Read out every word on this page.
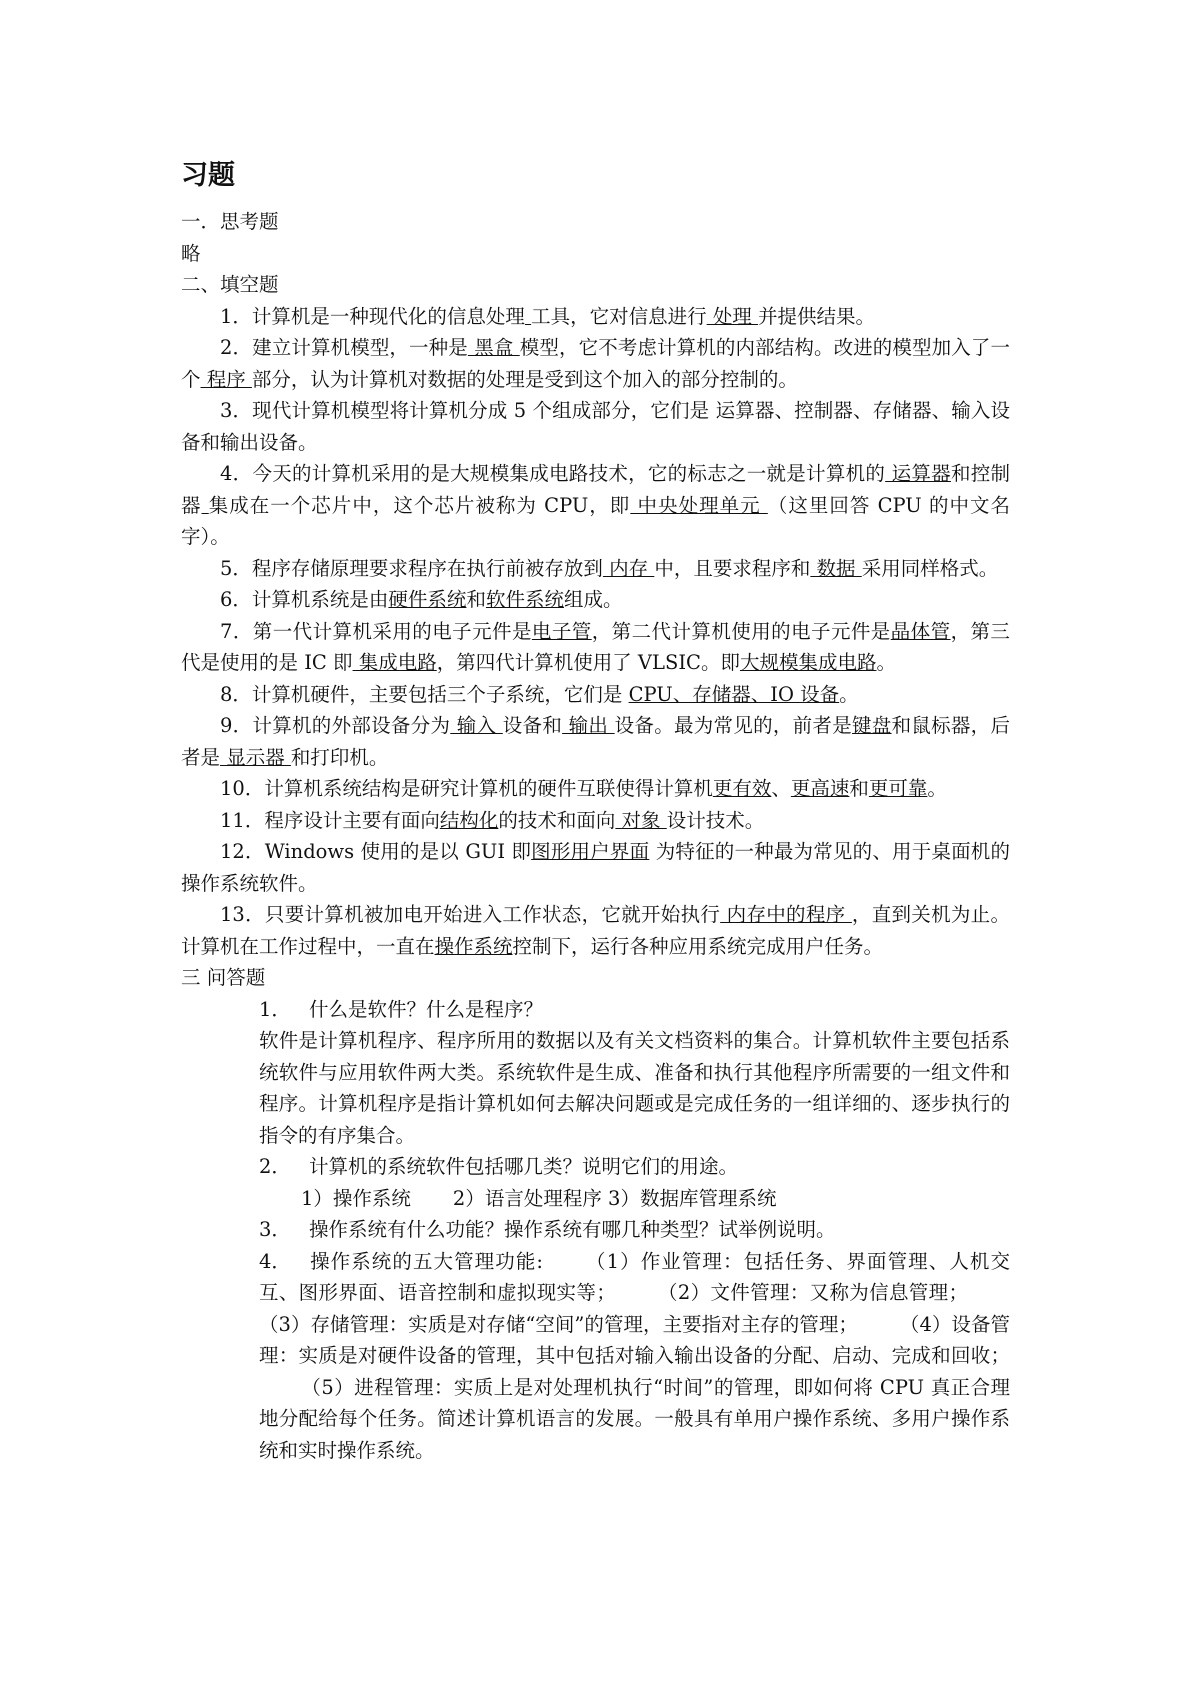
习题

一．思考题

略

二、填空题

1．计算机是一种现代化的信息处理 工具，它对信息进行 处理 并提供结果。

2．建立计算机模型，一种是 黑盒 模型，它不考虑计算机的内部结构。改进的模型加入了一个 程序 部分，认为计算机对数据的处理是受到这个加入的部分控制的。

3．现代计算机模型将计算机分成 5 个组成部分，它们是 运算器、控制器、存储器、输入设备和输出设备。

4．今天的计算机采用的是大规模集成电路技术，它的标志之一就是计算机的 运算器和控制器 集成在一个芯片中，这个芯片被称为 CPU，即 中央处理单元 （这里回答 CPU 的中文名字）。

5．程序存储原理要求程序在执行前被存放到 内存 中，且要求程序和 数据 采用同样格式。

6．计算机系统是由硬件系统和软件系统组成。

7．第一代计算机采用的电子元件是电子管，第二代计算机使用的电子元件是晶体管，第三代是使用的是 IC 即 集成电路，第四代计算机使用了 VLSIC。即大规模集成电路。

8．计算机硬件，主要包括三个子系统，它们是 CPU、存储器、IO 设备。

9．计算机的外部设备分为 输入 设备和 输出 设备。最为常见的，前者是键盘和鼠标器，后者是 显示器 和打印机。

10．计算机系统结构是研究计算机的硬件互联使得计算机更有效、更高速和更可靠。

11．程序设计主要有面向结构化的技术和面向 对象 设计技术。

12．Windows 使用的是以 GUI 即图形用户界面 为特征的一种最为常见的、用于桌面机的操作系统软件。

13．只要计算机被加电开始进入工作状态，它就开始执行 内存中的程序 ，直到关机为止。计算机在工作过程中，一直在操作系统控制下，运行各种应用系统完成用户任务。

三 问答题

1． 什么是软件？什么是程序？

软件是计算机程序、程序所用的数据以及有关文档资料的集合。计算机软件主要包括系统软件与应用软件两大类。系统软件是生成、准备和执行其他程序所需要的一组文件和程序。计算机程序是指计算机如何去解决问题或是完成任务的一组详细的、逐步执行的指令的有序集合。

2． 计算机的系统软件包括哪几类？说明它们的用途。

1）操作系统 2）语言处理程序 3）数据库管理系统

3． 操作系统有什么功能？操作系统有哪几种类型？试举例说明。

4． 操作系统的五大管理功能: （1）作业管理：包括任务、界面管理、人机交互、图形界面、语音控制和虚拟现实等； （2）文件管理：又称为信息管理；（3）存储管理：实质是对存储“空间”的管理，主要指对主存的管理； （4）设备管理：实质是对硬件设备的管理，其中包括对输入输出设备的分配、启动、完成和回收；（5）进程管理：实质上是对处理机执行“时间”的管理，即如何将 CPU 真正合理地分配给每个任务。简述计算机语言的发展。一般具有单用户操作系统、多用户操作系统和实时操作系统。
